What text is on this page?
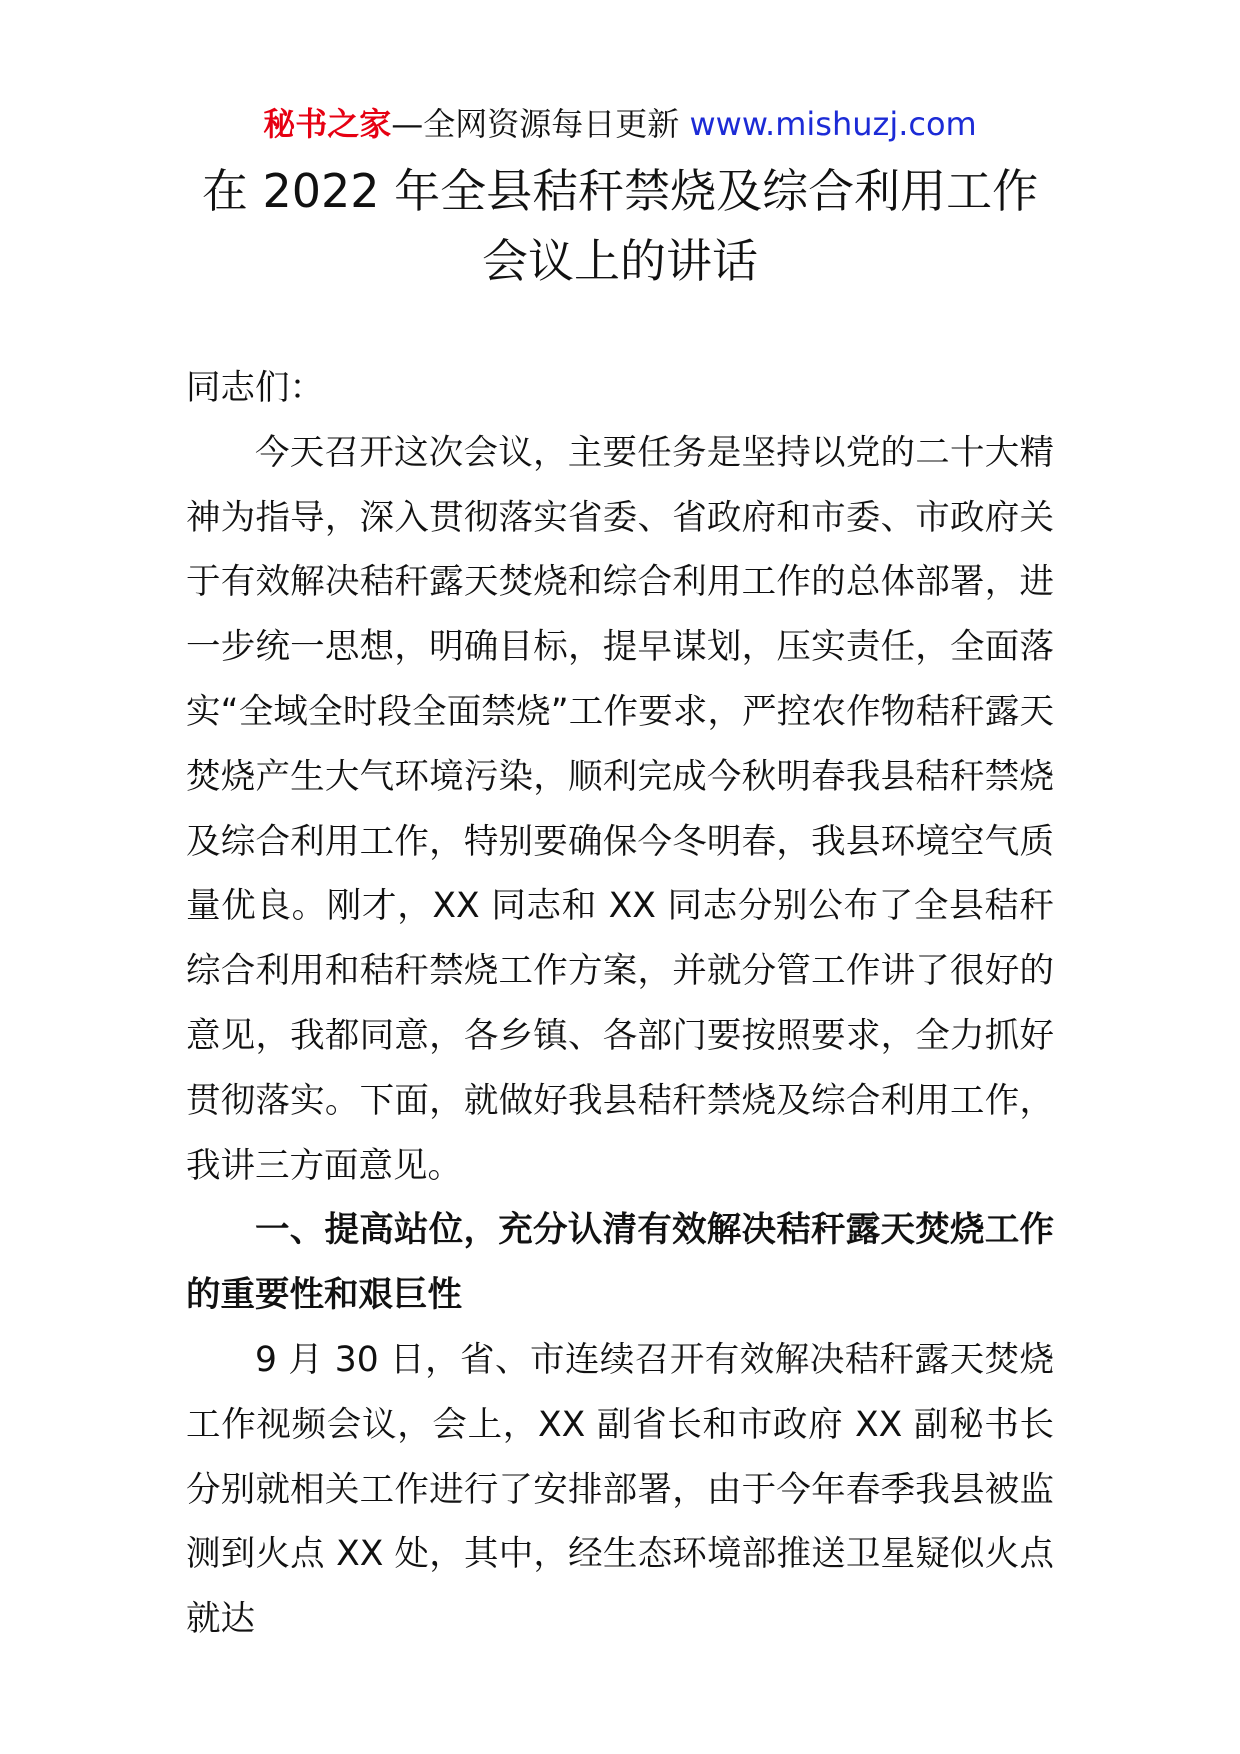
秘书之家—全网资源每日更新 www.mishuzj.com
在 2022 年全县秸秆禁烧及综合利用工作
会议上的讲话

同志们：

今天召开这次会议，主要任务是坚持以党的二十大精神为指导，深入贯彻落实省委、省政府和市委、市政府关于有效解决秸秆露天焚烧和综合利用工作的总体部署，进一步统一思想，明确目标，提早谋划，压实责任，全面落实“全域全时段全面禁烧”工作要求，严控农作物秸秆露天焚烧产生大气环境污染，顺利完成今秋明春我县秸秆禁烧及综合利用工作，特别要确保今冬明春，我县环境空气质量优良。刚才，XX 同志和 XX 同志分别公布了全县秸秆综合利用和秸秆禁烧工作方案，并就分管工作讲了很好的意见，我都同意，各乡镇、各部门要按照要求，全力抓好贯彻落实。下面，就做好我县秸秆禁烧及综合利用工作，我讲三方面意见。

一、提高站位，充分认清有效解决秸秆露天焚烧工作的重要性和艰巨性

9 月 30 日，省、市连续召开有效解决秸秆露天焚烧工作视频会议，会上，XX 副省长和市政府 XX 副秘书长分别就相关工作进行了安排部署，由于今年春季我县被监测到火点 XX 处，其中，经生态环境部推送卫星疑似火点就达
